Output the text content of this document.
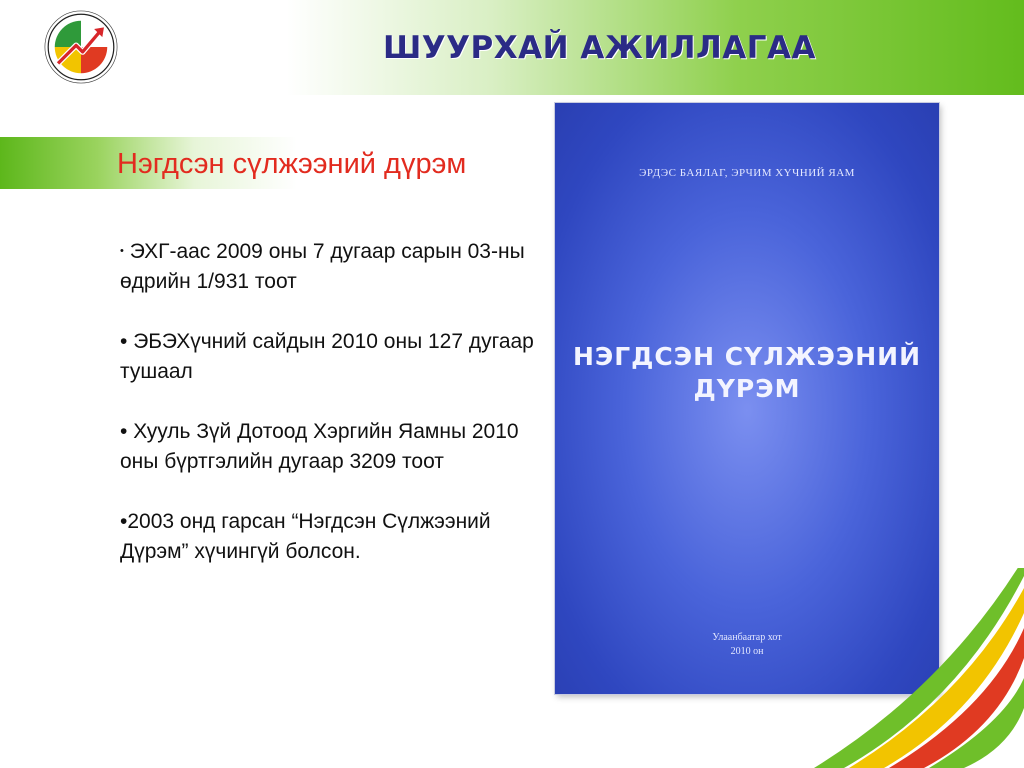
ШУУРХАЙ АЖИЛЛАГАА
Нэгдсэн сүлжээний дүрэм
• ЭХГ-аас 2009 оны 7 дугаар сарын 03-ны өдрийн 1/931 тоот
• ЭБЭХүчний сайдын 2010 оны 127 дугаар тушаал
• Хууль Зүй Дотоод Хэргийн Яамны 2010 оны бүртгэлийн дугаар 3209 тоот
•2003 онд гарсан “Нэгдсэн Сүлжээний Дүрэм” хүчингүй болсон.
ЭРДЭС БАЯЛАГ, ЭРЧИМ ХҮЧНИЙ ЯАМ
НЭГДСЭН СҮЛЖЭЭНИЙ
ДҮРЭМ
Улаанбаатар хот
2010 он
